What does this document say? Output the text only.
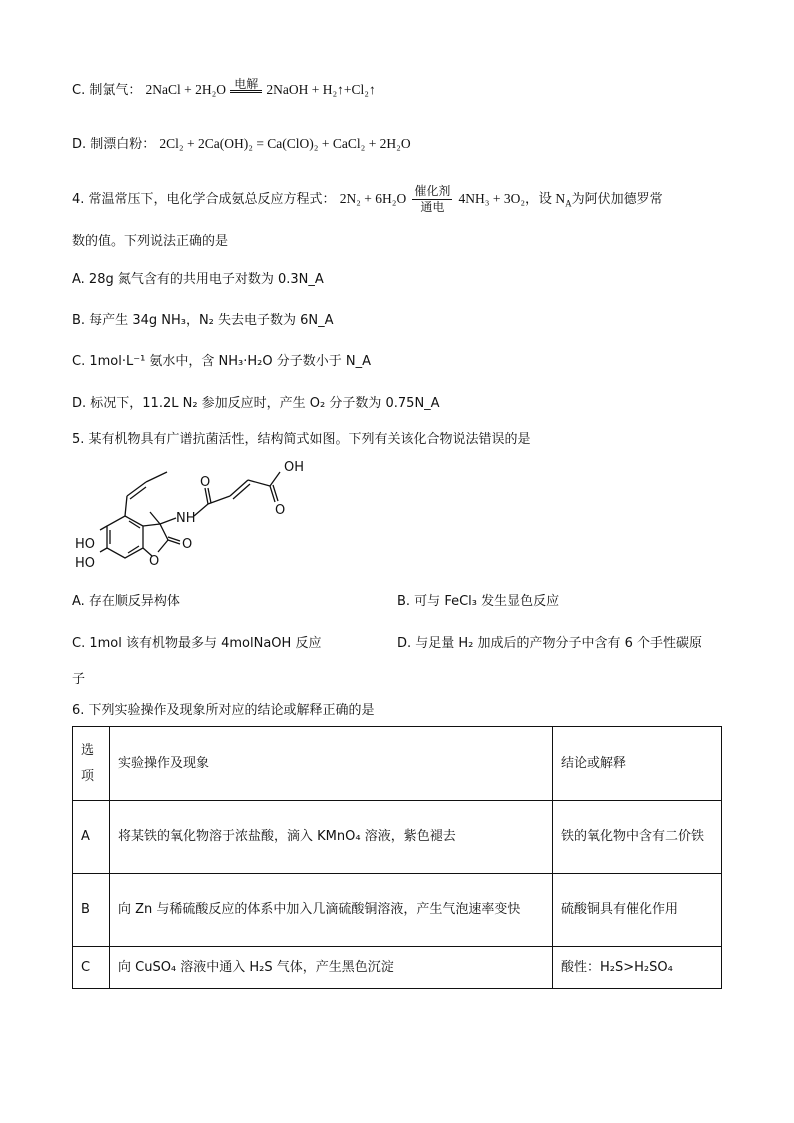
C. 制氯气： 2NaCl + 2H₂O 电解 2NaOH + H₂↑+Cl₂↑
D. 制漂白粉： 2Cl₂ + 2Ca(OH)₂ = Ca(ClO)₂ + CaCl₂ + 2H₂O
4. 常温常压下，电化学合成氨总反应方程式： $2N_2 + 6H_2O \frac{\text{催化剂}}{\text{通电}} 4NH_3 + 3O_2$，设 $N_A$为阿伏加德罗常
数的值。下列说法正确的是
A. 28g 氮气含有的共用电子对数为 0.3N_A
B. 每产生 34g NH₃，N₂ 失去电子数为 6N_A
C. 1mol·L⁻¹ 氨水中，含 NH₃·H₂O 分子数小于 N_A
D. 标况下，11.2L N₂ 参加反应时，产生 O₂ 分子数为 0.75N_A
5. 某有机物具有广谱抗菌活性，结构简式如图。下列有关该化合物说法错误的是
OH
O
O
NH
HO
HO	O
O
A. 存在顺反异构体	B. 可与 FeCl₃ 发生显色反应
C. 1mol 该有机物最多与 4molNaOH 反应	D. 与足量 H₂ 加成后的产物分子中含有 6 个手性碳原
子
6. 下列实验操作及现象所对应的结论或解释正确的是
选项	实验操作及现象	结论或解释
A	将某铁的氧化物溶于浓盐酸，滴入 KMnO₄ 溶液，紫色褪去	铁的氧化物中含有二价铁
B	向 Zn 与稀硫酸反应的体系中加入几滴硫酸铜溶液，产生气泡速率变快	硫酸铜具有催化作用
C	向 CuSO₄ 溶液中通入 H₂S 气体，产生黑色沉淀	酸性：H₂S>H₂SO₄
